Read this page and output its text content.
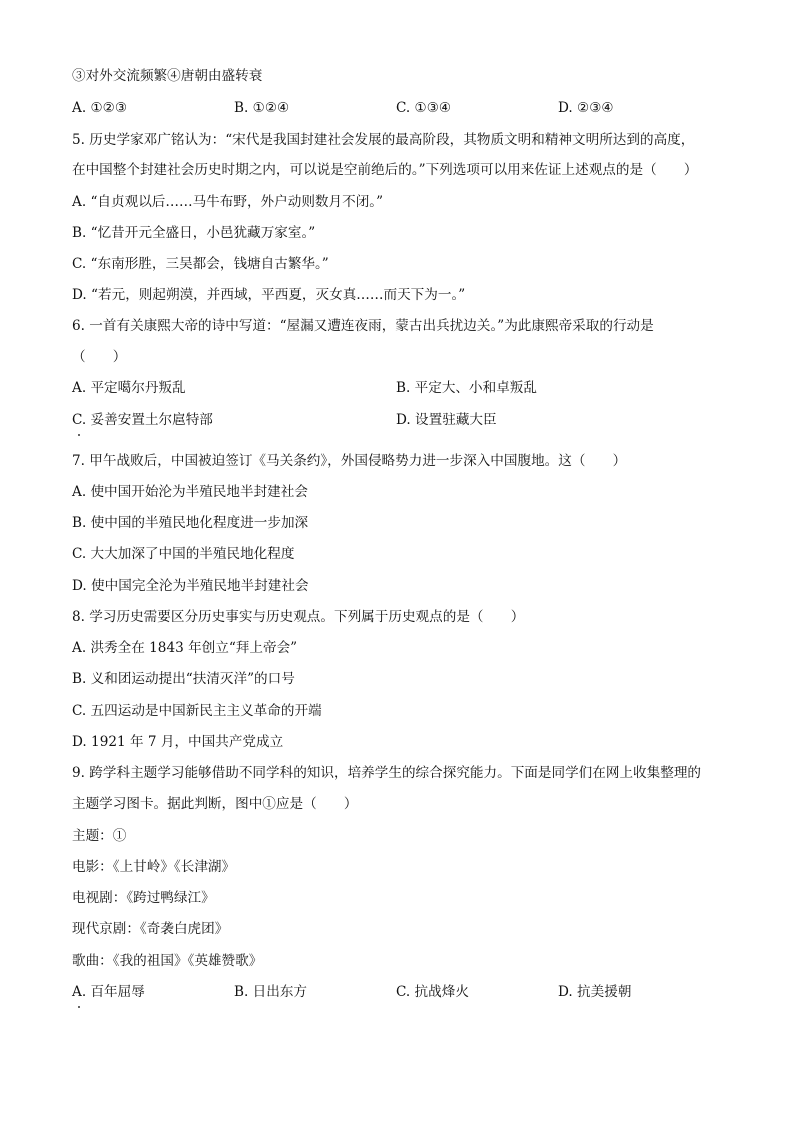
③对外交流频繁④唐朝由盛转衰
A. ①②③	B. ①②④	C. ①③④	D. ②③④
5. 历史学家邓广铭认为：“宋代是我国封建社会发展的最高阶段，其物质文明和精神文明所达到的高度，
在中国整个封建社会历史时期之内，可以说是空前绝后的。”下列选项可以用来佐证上述观点的是（　　）
A. “自贞观以后……马牛布野，外户动则数月不闭。”
B. “忆昔开元全盛日，小邑犹藏万家室。”
C. “东南形胜，三吴都会，钱塘自古繁华。”
D. “若元，则起朔漠，并西域，平西夏，灭女真……而天下为一。”
6. 一首有关康熙大帝的诗中写道：“屋漏又遭连夜雨，蒙古出兵扰边关。”为此康熙帝采取的行动是
（　　）
A. 平定噶尔丹叛乱	B. 平定大、小和卓叛乱
C. 妥善安置土尔扈特部	D. 设置驻藏大臣
7. 甲午战败后，中国被迫签订《马关条约》，外国侵略势力进一步深入中国腹地。这（　　）
A. 使中国开始沦为半殖民地半封建社会
B. 使中国的半殖民地化程度进一步加深
C. 大大加深了中国的半殖民地化程度
D. 使中国完全沦为半殖民地半封建社会
8. 学习历史需要区分历史事实与历史观点。下列属于历史观点的是（　　）
A. 洪秀全在 1843 年创立“拜上帝会”
B. 义和团运动提出“扶清灭洋”的口号
C. 五四运动是中国新民主主义革命的开端
D. 1921 年 7 月，中国共产党成立
9. 跨学科主题学习能够借助不同学科的知识，培养学生的综合探究能力。下面是同学们在网上收集整理的
主题学习图卡。据此判断，图中①应是（　　）
主题：①
电影：《上甘岭》《长津湖》
电视剧：《跨过鸭绿江》
现代京剧：《奇袭白虎团》
歌曲：《我的祖国》《英雄赞歌》
A. 百年屈辱	B. 日出东方	C. 抗战烽火	D. 抗美援朝
